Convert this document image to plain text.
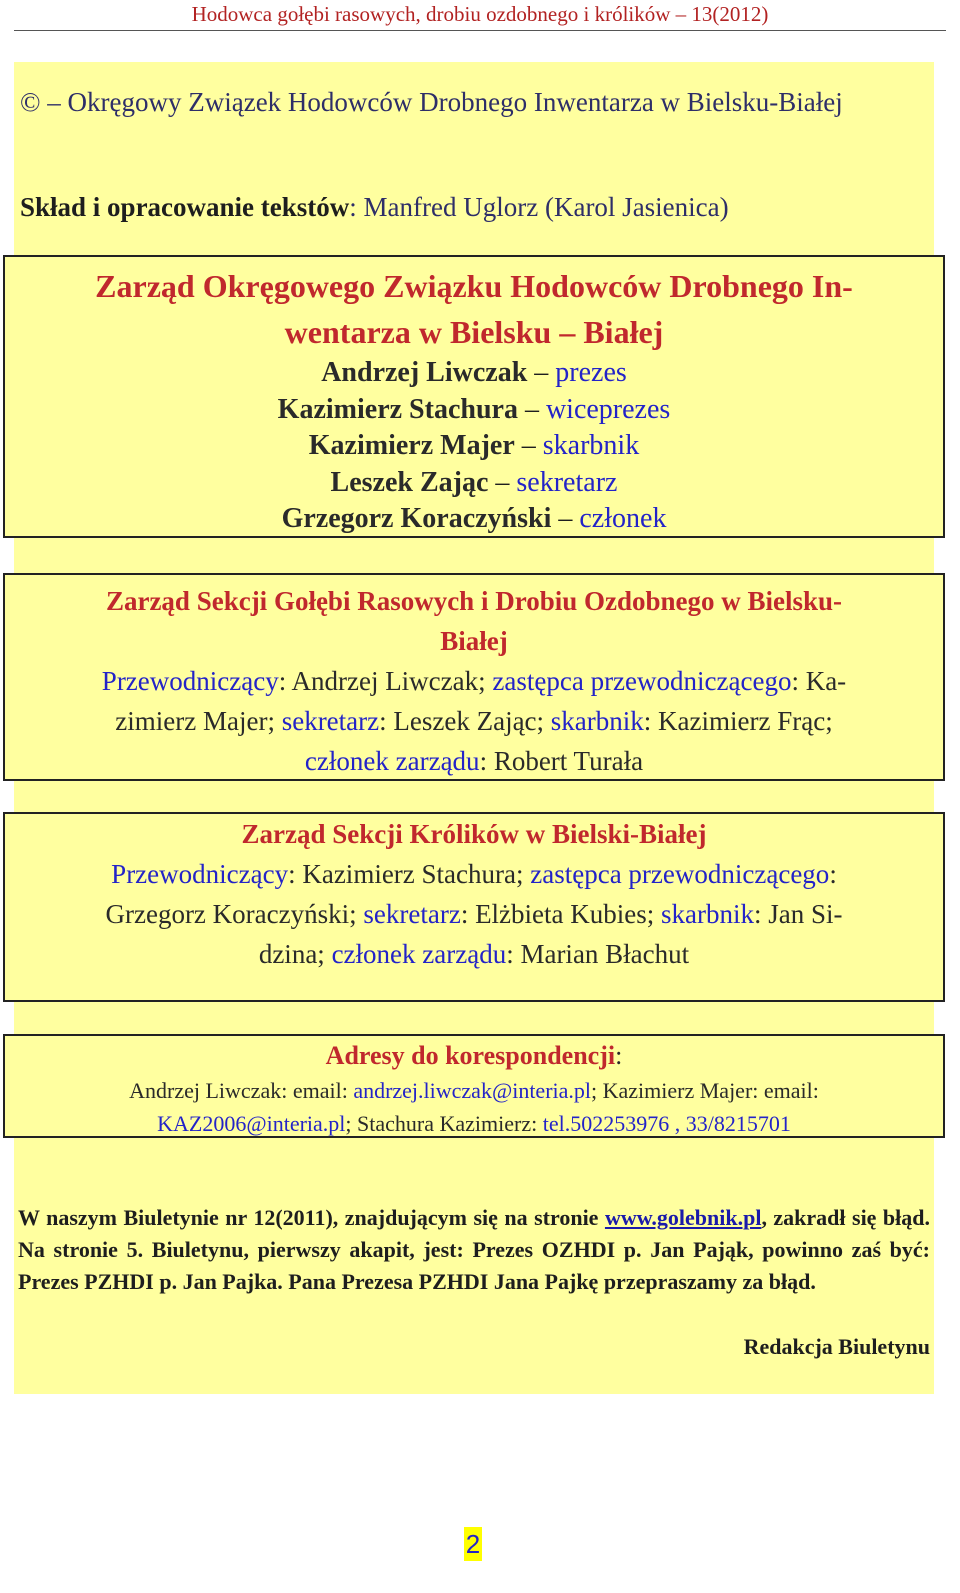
Hodowca gołębi rasowych, drobiu ozdobnego i królików – 13(2012)
© – Okręgowy Związek Hodowców Drobnego Inwentarza w Bielsku-Białej
Skład i opracowanie tekstów: Manfred Uglorz (Karol Jasienica)
Zarząd Okręgowego Związku Hodowców Drobnego In-
wentarza w Bielsku – Białej
Andrzej Liwczak – prezes
Kazimierz Stachura – wiceprezes
Kazimierz Majer – skarbnik
Leszek Zając – sekretarz
Grzegorz Koraczyński – członek
Zarząd Sekcji Gołębi Rasowych i Drobiu Ozdobnego w Bielsku-
Białej
Przewodniczący: Andrzej Liwczak; zastępca przewodniczącego: Ka-
zimierz Majer; sekretarz: Leszek Zając; skarbnik: Kazimierz Frąc;
członek zarządu: Robert Turała
Zarząd Sekcji Królików w Bielski-Białej
Przewodniczący: Kazimierz Stachura; zastępca przewodniczącego:
Grzegorz Koraczyński; sekretarz: Elżbieta Kubies; skarbnik: Jan Si-
dzina; członek zarządu: Marian Błachut
Adresy do korespondencji:
Andrzej Liwczak: email: andrzej.liwczak@interia.pl; Kazimierz Majer: email:
KAZ2006@interia.pl; Stachura Kazimierz: tel.502253976 , 33/8215701
W naszym Biuletynie nr 12(2011), znajdującym się na stronie www.golebnik.pl, zakradł się błąd. Na stronie 5. Biuletynu, pierwszy akapit, jest: Prezes OZHDI p. Jan Pająk, powinno zaś być: Prezes PZHDI p. Jan Pajka. Pana Prezesa PZHDI Jana Pajkę przepraszamy za błąd.
Redakcja Biuletynu
2
